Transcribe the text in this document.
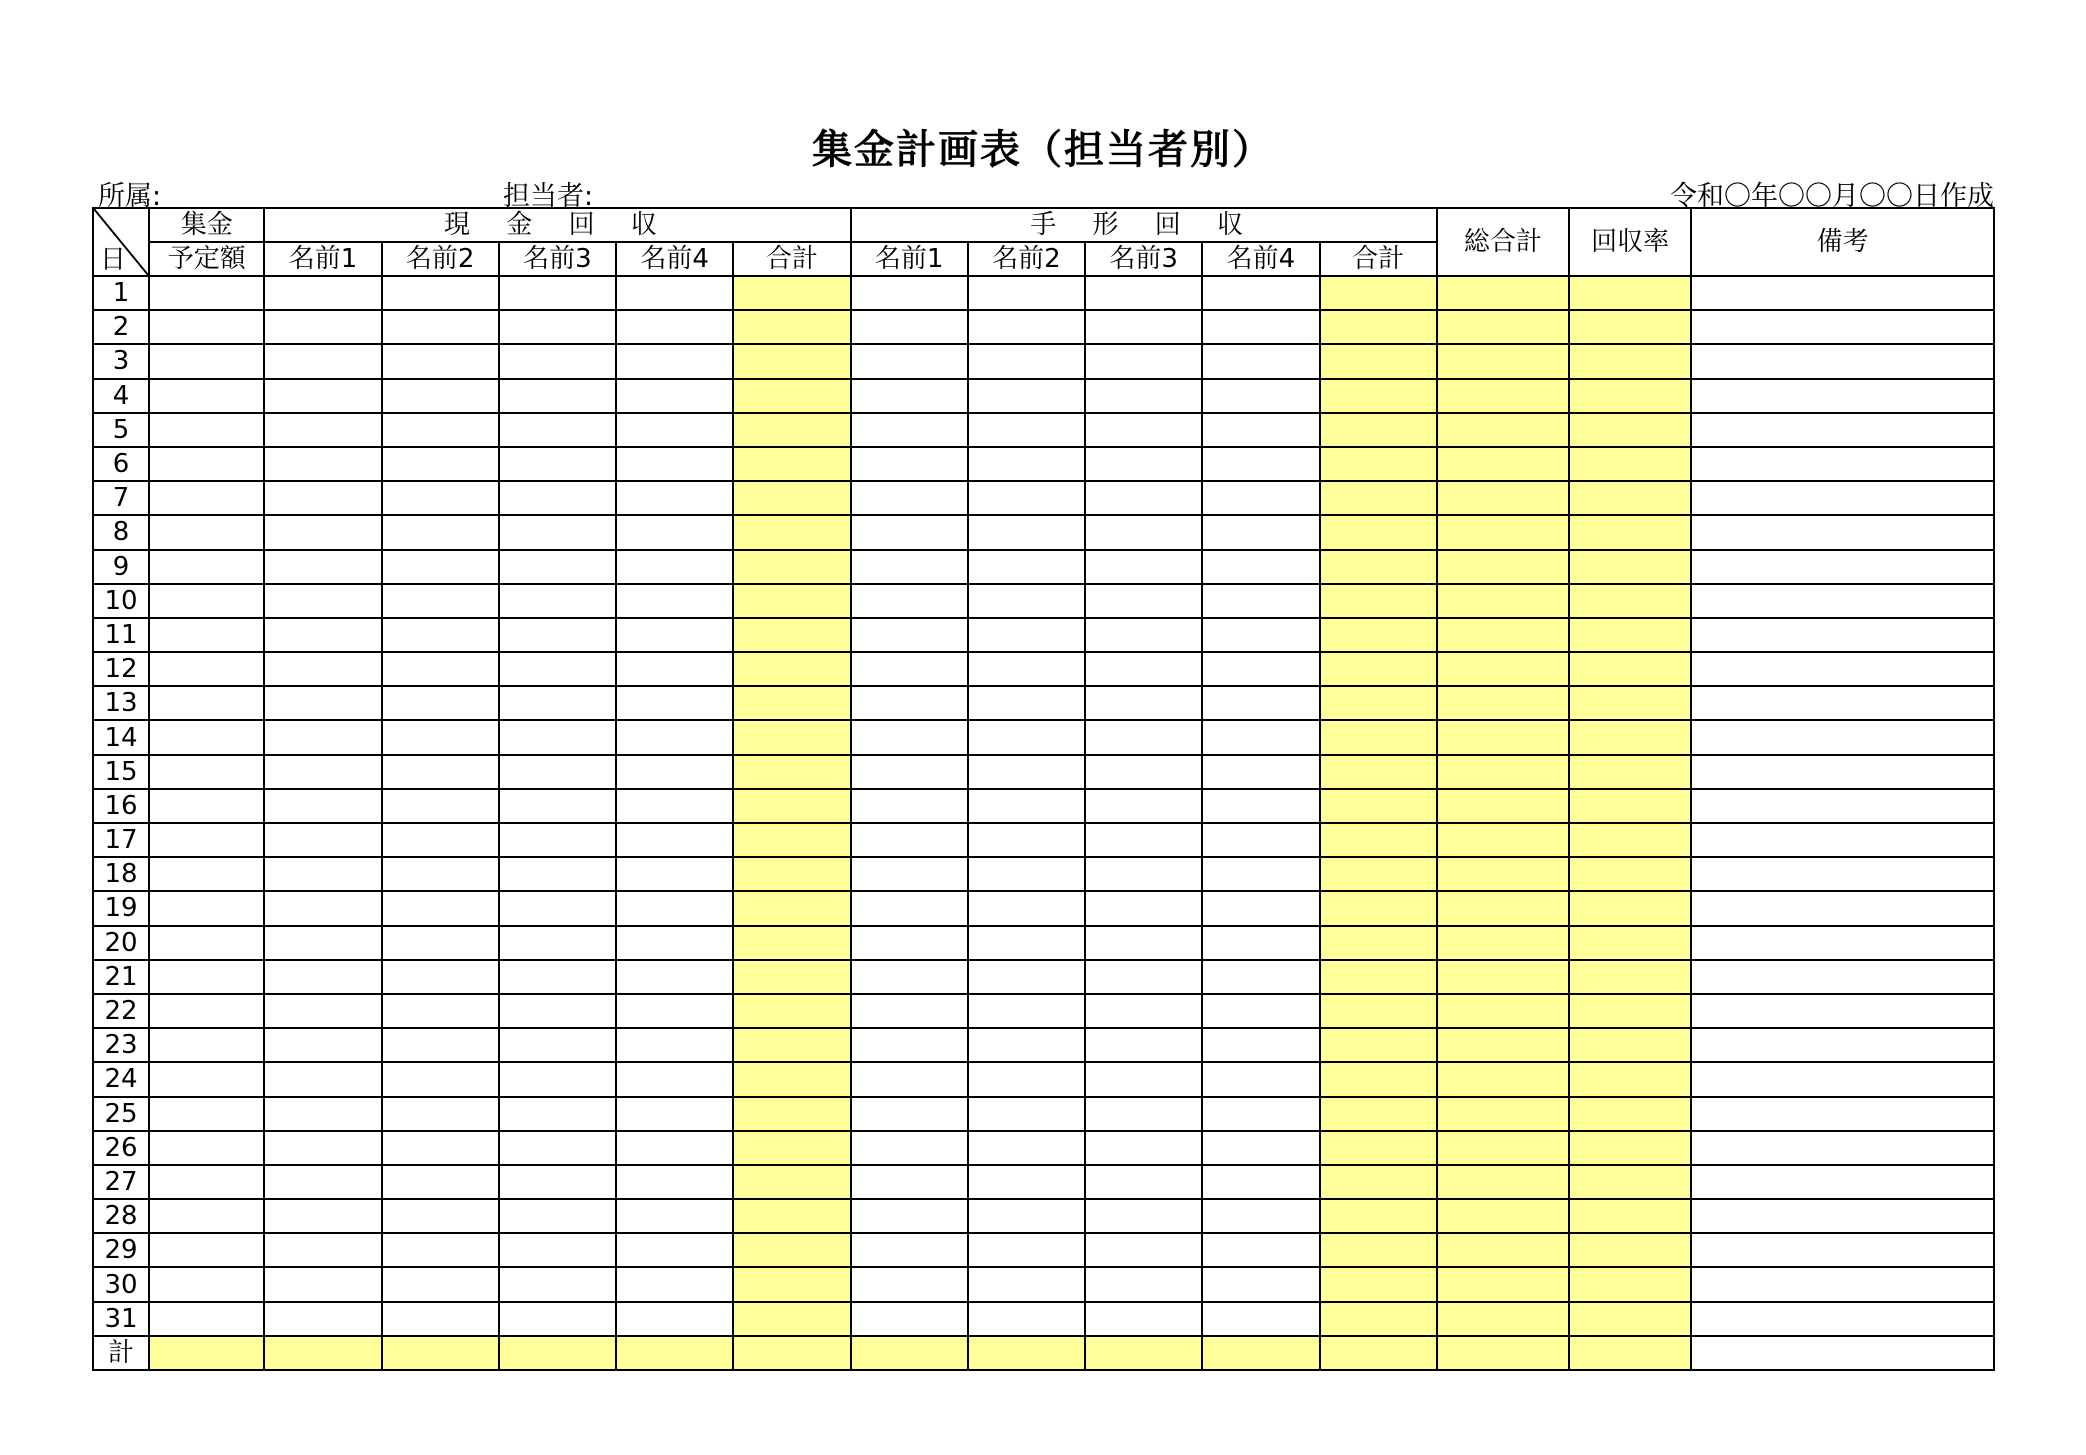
集金計画表（担当者別）
所属:	担当者:	令和〇年〇〇月〇〇日作成
日	集金	現 金 回 収					手 形 回 収					総合計	回収率	備考
	予定額	名前1	名前2	名前3	名前4	合計	名前1	名前2	名前3	名前4	合計			
1														
2														
3														
4														
5														
6														
7														
8														
9														
10														
11														
12														
13														
14														
15														
16														
17														
18														
19														
20														
21														
22														
23														
24														
25														
26														
27														
28														
29														
30														
31														
計														
